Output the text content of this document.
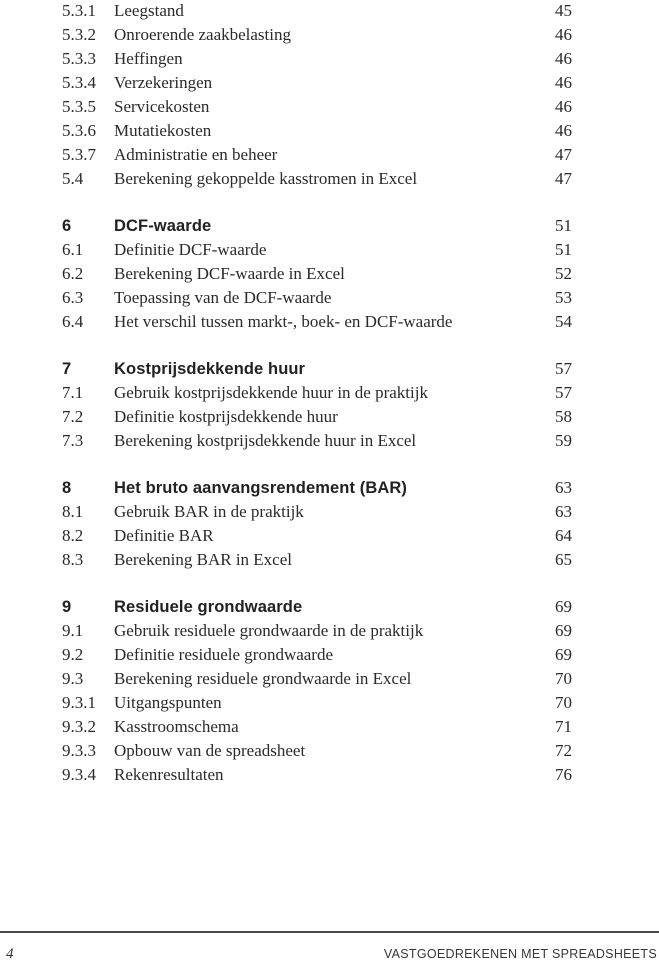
5.3.1	Leegstand	45
5.3.2	Onroerende zaakbelasting	46
5.3.3	Heffingen	46
5.3.4	Verzekeringen	46
5.3.5	Servicekosten	46
5.3.6	Mutatiekosten	46
5.3.7	Administratie en beheer	47
5.4	Berekening gekoppelde kasstromen in Excel	47
6	DCF-waarde	51
6.1	Definitie DCF-waarde	51
6.2	Berekening DCF-waarde in Excel	52
6.3	Toepassing van de DCF-waarde	53
6.4	Het verschil tussen markt-, boek- en DCF-waarde	54
7	Kostprijsdekkende huur	57
7.1	Gebruik kostprijsdekkende huur in de praktijk	57
7.2	Definitie kostprijsdekkende huur	58
7.3	Berekening kostprijsdekkende huur in Excel	59
8	Het bruto aanvangsrendement (BAR)	63
8.1	Gebruik BAR in de praktijk	63
8.2	Definitie BAR	64
8.3	Berekening BAR in Excel	65
9	Residuele grondwaarde	69
9.1	Gebruik residuele grondwaarde in de praktijk	69
9.2	Definitie residuele grondwaarde	69
9.3	Berekening residuele grondwaarde in Excel	70
9.3.1	Uitgangspunten	70
9.3.2	Kasstroomschema	71
9.3.3	Opbouw van de spreadsheet	72
9.3.4	Rekenresultaten	76
4	VASTGOEDREKENEN MET SPREADSHEETS
